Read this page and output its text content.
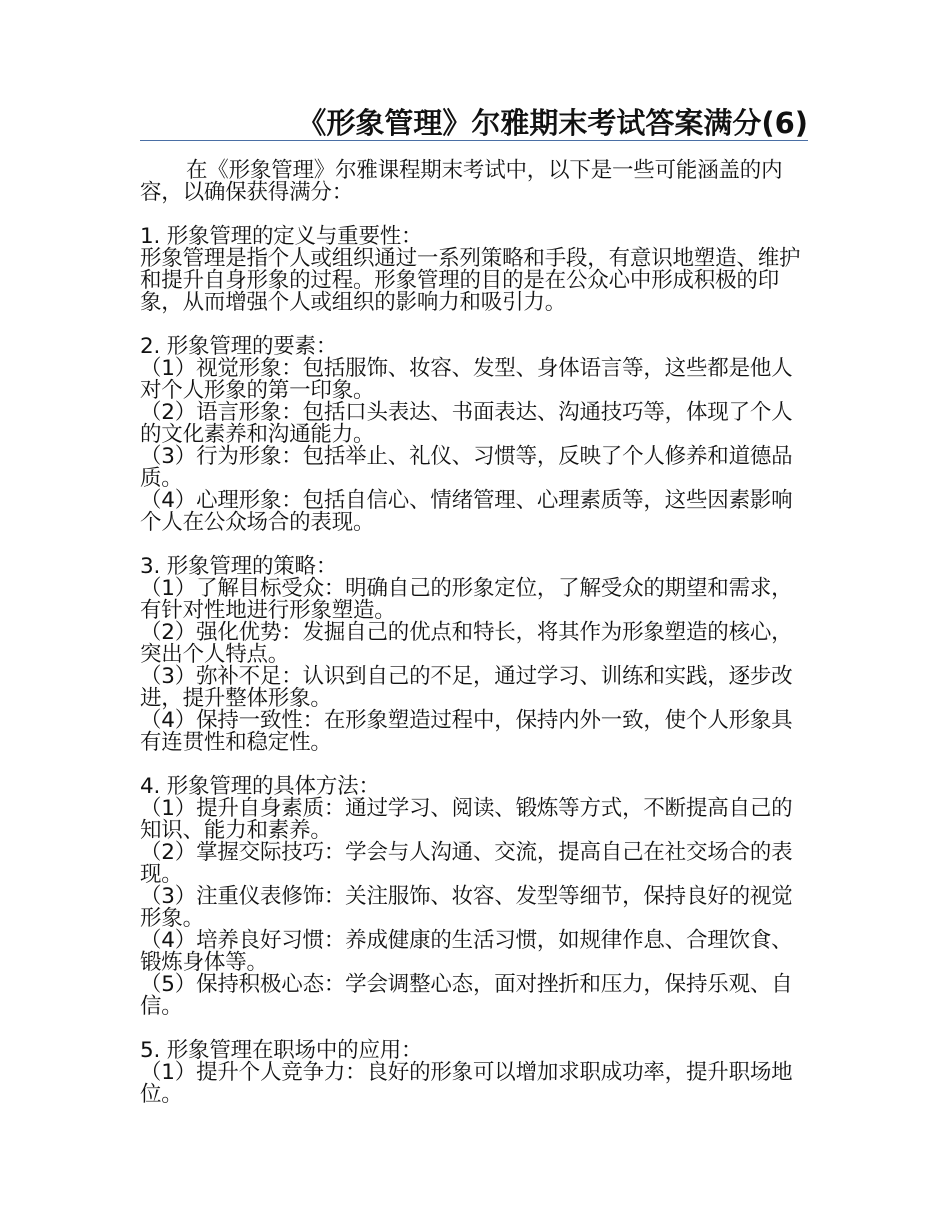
《形象管理》尔雅期末考试答案满分(6)

在《形象管理》尔雅课程期末考试中，以下是一些可能涵盖的内容，以确保获得满分：

1. 形象管理的定义与重要性：

形象管理是指个人或组织通过一系列策略和手段，有意识地塑造、维护和提升自身形象的过程。形象管理的目的是在公众心中形成积极的印象，从而增强个人或组织的影响力和吸引力。

2. 形象管理的要素：

（1）视觉形象：包括服饰、妆容、发型、身体语言等，这些都是他人对个人形象的第一印象。

（2）语言形象：包括口头表达、书面表达、沟通技巧等，体现了个人的文化素养和沟通能力。

（3）行为形象：包括举止、礼仪、习惯等，反映了个人修养和道德品质。

（4）心理形象：包括自信心、情绪管理、心理素质等，这些因素影响个人在公众场合的表现。

3. 形象管理的策略：

（1）了解目标受众：明确自己的形象定位，了解受众的期望和需求，有针对性地进行形象塑造。

（2）强化优势：发掘自己的优点和特长，将其作为形象塑造的核心，突出个人特点。

（3）弥补不足：认识到自己的不足，通过学习、训练和实践，逐步改进，提升整体形象。

（4）保持一致性：在形象塑造过程中，保持内外一致，使个人形象具有连贯性和稳定性。

4. 形象管理的具体方法：

（1）提升自身素质：通过学习、阅读、锻炼等方式，不断提高自己的知识、能力和素养。

（2）掌握交际技巧：学会与人沟通、交流，提高自己在社交场合的表现。

（3）注重仪表修饰：关注服饰、妆容、发型等细节，保持良好的视觉形象。

（4）培养良好习惯：养成健康的生活习惯，如规律作息、合理饮食、锻炼身体等。

（5）保持积极心态：学会调整心态，面对挫折和压力，保持乐观、自信。

5. 形象管理在职场中的应用：

（1）提升个人竞争力：良好的形象可以增加求职成功率，提升职场地位。
